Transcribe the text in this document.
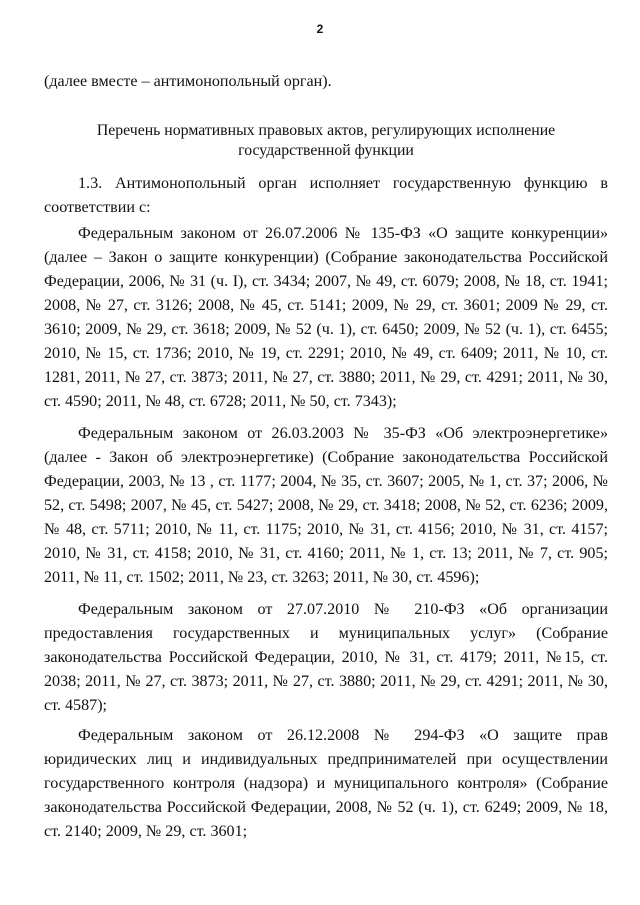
2

(далее вместе – антимонопольный орган).

Перечень нормативных правовых актов, регулирующих исполнение
государственной функции

1.3. Антимонопольный орган исполняет государственную функцию в соответствии с:

Федеральным законом от 26.07.2006 № 135-ФЗ «О защите конкуренции» (далее – Закон о защите конкуренции) (Собрание законодательства Российской Федерации, 2006, № 31 (ч. I), ст. 3434; 2007, № 49, ст. 6079; 2008, № 18, ст. 1941; 2008, № 27, ст. 3126; 2008, № 45, ст. 5141; 2009, № 29, ст. 3601; 2009 № 29, ст. 3610; 2009, № 29, ст. 3618; 2009, № 52 (ч. 1), ст. 6450; 2009, № 52 (ч. 1), ст. 6455; 2010, № 15, ст. 1736; 2010, № 19, ст. 2291; 2010, № 49, ст. 6409; 2011, № 10, ст. 1281, 2011, № 27, ст. 3873; 2011, № 27, ст. 3880; 2011, № 29, ст. 4291; 2011, № 30, ст. 4590; 2011, № 48, ст. 6728; 2011, № 50, ст. 7343);

Федеральным законом от 26.03.2003 № 35-ФЗ «Об электроэнергетике» (далее - Закон об электроэнергетике) (Собрание законодательства Российской Федерации, 2003, № 13 , ст. 1177; 2004, № 35, ст. 3607; 2005, № 1, ст. 37; 2006, № 52, ст. 5498; 2007, № 45, ст. 5427; 2008, № 29, ст. 3418; 2008, № 52, ст. 6236; 2009, № 48, ст. 5711; 2010, № 11, ст. 1175; 2010, № 31, ст. 4156; 2010, № 31, ст. 4157; 2010, № 31, ст. 4158; 2010, № 31, ст. 4160; 2011, № 1, ст. 13; 2011, № 7, ст. 905; 2011, № 11, ст. 1502; 2011, № 23, ст. 3263; 2011, № 30, ст. 4596);

Федеральным законом от 27.07.2010 № 210-ФЗ «Об организации предоставления государственных и муниципальных услуг» (Собрание законодательства Российской Федерации, 2010, № 31, ст. 4179; 2011, №15, ст. 2038; 2011, № 27, ст. 3873; 2011, № 27, ст. 3880; 2011, № 29, ст. 4291; 2011, № 30, ст. 4587);

Федеральным законом от 26.12.2008 № 294-ФЗ «О защите прав юридических лиц и индивидуальных предпринимателей при осуществлении государственного контроля (надзора) и муниципального контроля» (Собрание законодательства Российской Федерации, 2008, № 52 (ч. 1), ст. 6249; 2009, № 18, ст. 2140; 2009, № 29, ст. 3601;
